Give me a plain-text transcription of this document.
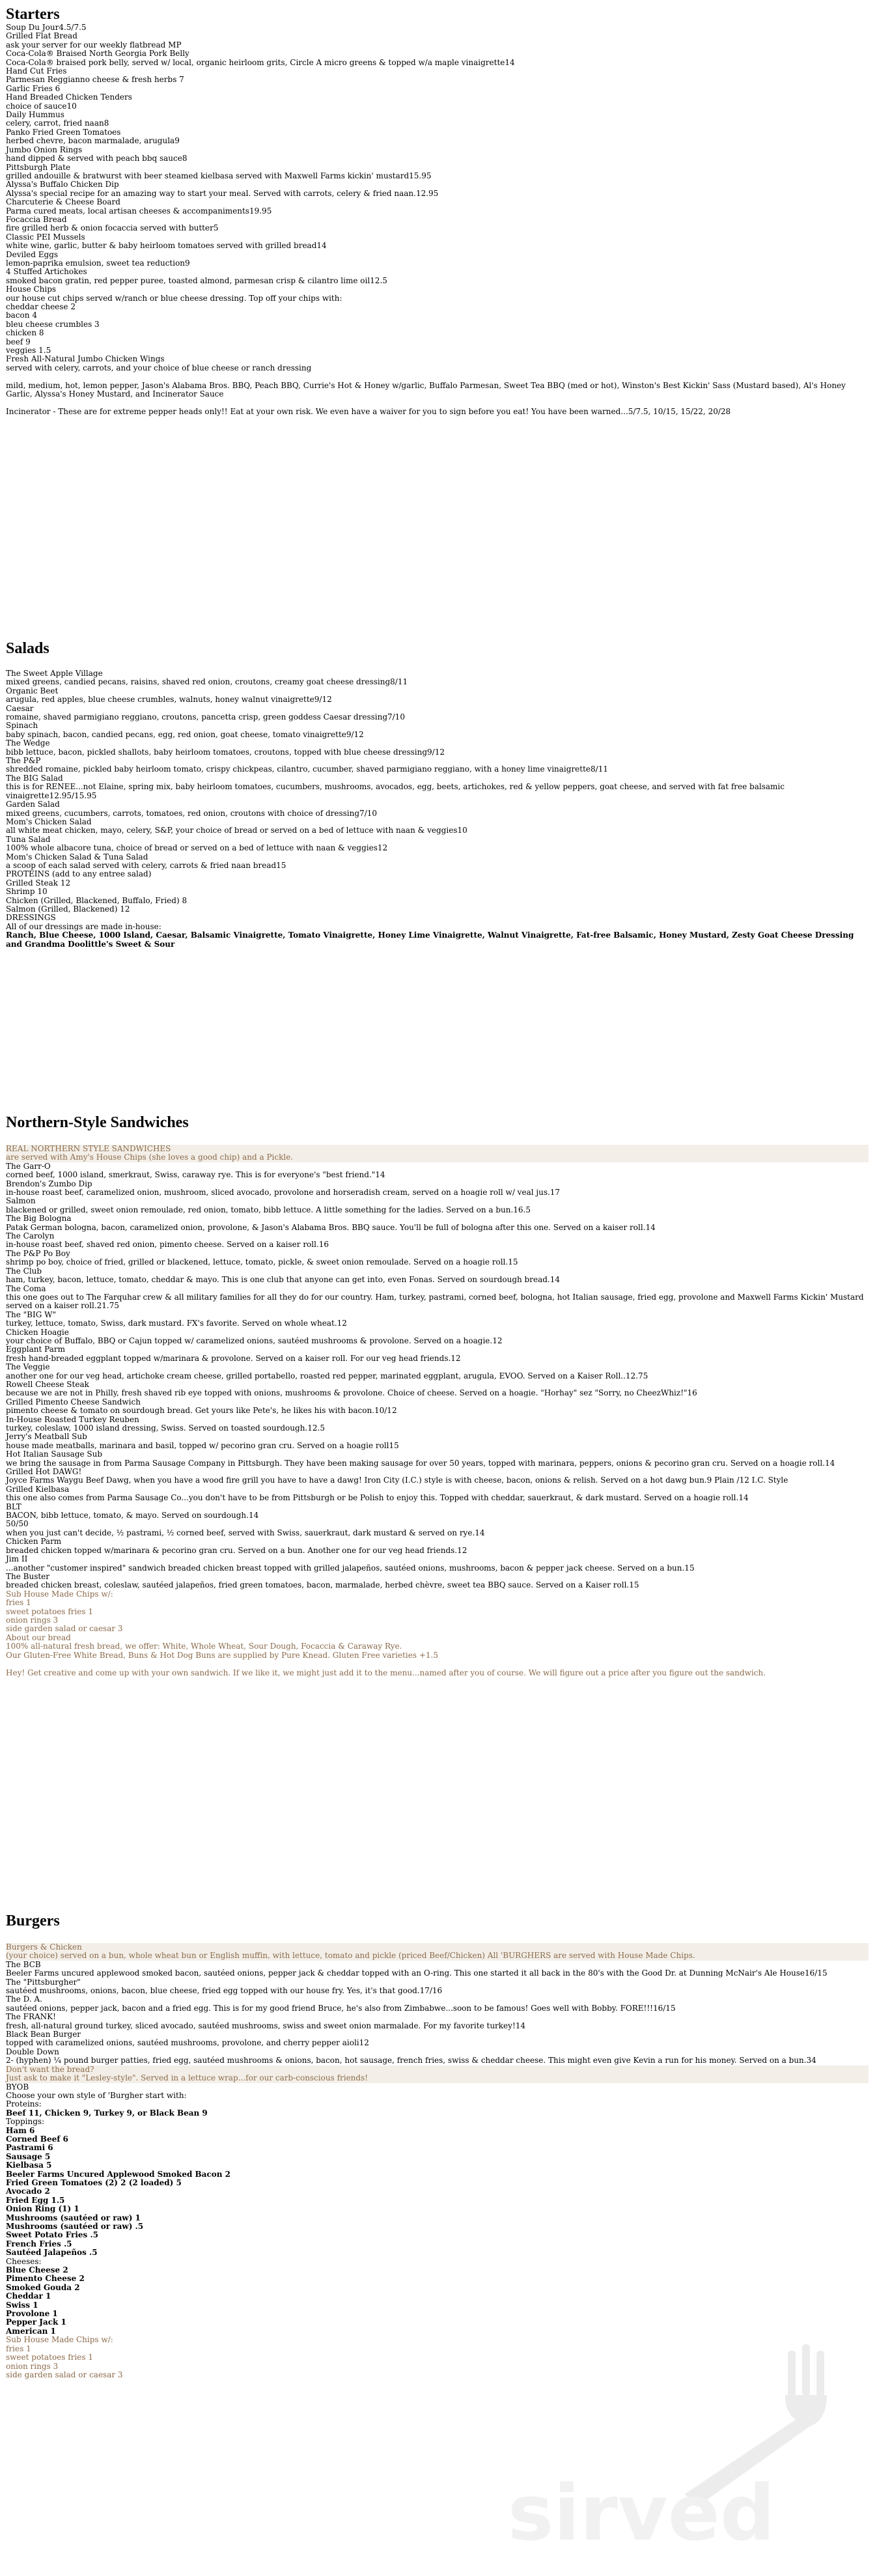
Starters
Soup Du Jour4.5/7.5
Grilled Flat Bread
ask your server for our weekly flatbread MP
Coca-Cola® Braised North Georgia Pork Belly
Coca-Cola® braised pork belly, served w/ local, organic heirloom grits, Circle A micro greens & topped w/a maple vinaigrette14
Hand Cut Fries
Parmesan Reggianno cheese & fresh herbs 7
Garlic Fries 6
Hand Breaded Chicken Tenders
choice of sauce10
Daily Hummus
celery, carrot, fried naan8
Panko Fried Green Tomatoes
herbed chevre, bacon marmalade, arugula9
Jumbo Onion Rings
hand dipped & served with peach bbq sauce8
Pittsburgh Plate
grilled andouille & bratwurst with beer steamed kielbasa served with Maxwell Farms kickin' mustard15.95
Alyssa's Buffalo Chicken Dip
Alyssa's special recipe for an amazing way to start your meal. Served with carrots, celery & fried naan.12.95
Charcuterie & Cheese Board
Parma cured meats, local artisan cheeses & accompaniments19.95
Focaccia Bread
fire grilled herb & onion focaccia served with butter5
Classic PEI Mussels
white wine, garlic, butter & baby heirloom tomatoes served with grilled bread14
Deviled Eggs
lemon-paprika emulsion, sweet tea reduction9
4 Stuffed Artichokes
smoked bacon gratin, red pepper puree, toasted almond, parmesan crisp & cilantro lime oil12.5
House Chips
our house cut chips served w/ranch or blue cheese dressing. Top off your chips with:
cheddar cheese 2
bacon 4
bleu cheese crumbles 3
chicken 8
beef 9
veggies 1.5
Fresh All-Natural Jumbo Chicken Wings
served with celery, carrots, and your choice of blue cheese or ranch dressing

mild, medium, hot, lemon pepper, Jason's Alabama Bros. BBQ, Peach BBQ, Currie's Hot & Honey w/garlic, Buffalo Parmesan, Sweet Tea BBQ (med or hot), Winston's Best Kickin' Sass (Mustard based), Al's Honey Garlic, Alyssa's Honey Mustard, and Incinerator Sauce

Incinerator - These are for extreme pepper heads only!! Eat at your own risk. We even have a waiver for you to sign before you eat! You have been warned...5/7.5, 10/15, 15/22, 20/28
Salads
The Sweet Apple Village
mixed greens, candied pecans, raisins, shaved red onion, croutons, creamy goat cheese dressing8/11
Organic Beet
arugula, red apples, blue cheese crumbles, walnuts, honey walnut vinaigrette9/12
Caesar
romaine, shaved parmigiano reggiano, croutons, pancetta crisp, green goddess Caesar dressing7/10
Spinach
baby spinach, bacon, candied pecans, egg, red onion, goat cheese, tomato vinaigrette9/12
The Wedge
bibb lettuce, bacon, pickled shallots, baby heirloom tomatoes, croutons, topped with blue cheese dressing9/12
The P&P
shredded romaine, pickled baby heirloom tomato, crispy chickpeas, cilantro, cucumber, shaved parmigiano reggiano, with a honey lime vinaigrette8/11
The BIG Salad
this is for RENEE...not Elaine, spring mix, baby heirloom tomatoes, cucumbers, mushrooms, avocados, egg, beets, artichokes, red & yellow peppers, goat cheese, and served with fat free balsamic vinaigrette12.95/15.95
Garden Salad
mixed greens, cucumbers, carrots, tomatoes, red onion, croutons with choice of dressing7/10
Mom's Chicken Salad
all white meat chicken, mayo, celery, S&P, your choice of bread or served on a bed of lettuce with naan & veggies10
Tuna Salad
100% whole albacore tuna, choice of bread or served on a bed of lettuce with naan & veggies12
Mom's Chicken Salad & Tuna Salad
a scoop of each salad served with celery, carrots & fried naan bread15
PROTEINS (add to any entree salad)
Grilled Steak 12
Shrimp 10
Chicken (Grilled, Blackened, Buffalo, Fried) 8
Salmon (Grilled, Blackened) 12
DRESSINGS
All of our dressings are made in-house:
Ranch, Blue Cheese, 1000 Island, Caesar, Balsamic Vinaigrette, Tomato Vinaigrette, Honey Lime Vinaigrette, Walnut Vinaigrette, Fat-free Balsamic, Honey Mustard, Zesty Goat Cheese Dressing and Grandma Doolittle's Sweet & Sour
Northern-Style Sandwiches
REAL NORTHERN STYLE SANDWICHES
are served with Amy's House Chips (she loves a good chip) and a Pickle.
The Garr-O
corned beef, 1000 island, smerkraut, Swiss, caraway rye. This is for everyone's "best friend."14
Brendon's Zumbo Dip
in-house roast beef, caramelized onion, mushroom, sliced avocado, provolone and horseradish cream, served on a hoagie roll w/ veal jus.17
Salmon
blackened or grilled, sweet onion remoulade, red onion, tomato, bibb lettuce. A little something for the ladies. Served on a bun.16.5
The Big Bologna
Patak German bologna, bacon, caramelized onion, provolone, & Jason's Alabama Bros. BBQ sauce. You'll be full of bologna after this one. Served on a kaiser roll.14
The Carolyn
in-house roast beef, shaved red onion, pimento cheese. Served on a kaiser roll.16
The P&P Po Boy
shrimp po boy, choice of fried, grilled or blackened, lettuce, tomato, pickle, & sweet onion remoulade. Served on a hoagie roll.15
The Club
ham, turkey, bacon, lettuce, tomato, cheddar & mayo. This is one club that anyone can get into, even Fonas. Served on sourdough bread.14
The Coma
this one goes out to The Farquhar crew & all military families for all they do for our country. Ham, turkey, pastrami, corned beef, bologna, hot Italian sausage, fried egg, provolone and Maxwell Farms Kickin' Mustard served on a kaiser roll.21.75
The "BIG W"
turkey, lettuce, tomato, Swiss, dark mustard. FX's favorite. Served on whole wheat.12
Chicken Hoagie
your choice of Buffalo, BBQ or Cajun topped w/ caramelized onions, sautéed mushrooms & provolone. Served on a hoagie.12
Eggplant Parm
fresh hand-breaded eggplant topped w/marinara & provolone. Served on a kaiser roll. For our veg head friends.12
The Veggie
another one for our veg head, artichoke cream cheese, grilled portabello, roasted red pepper, marinated eggplant, arugula, EVOO. Served on a Kaiser Roll..12.75
Rowell Cheese Steak
because we are not in Philly, fresh shaved rib eye topped with onions, mushrooms & provolone. Choice of cheese. Served on a hoagie. "Horhay" sez "Sorry, no CheezWhiz!"16
Grilled Pimento Cheese Sandwich
pimento cheese & tomato on sourdough bread. Get yours like Pete's, he likes his with bacon.10/12
In-House Roasted Turkey Reuben
turkey, coleslaw, 1000 island dressing, Swiss. Served on toasted sourdough.12.5
Jerry's Meatball Sub
house made meatballs, marinara and basil, topped w/ pecorino gran cru. Served on a hoagie roll15
Hot Italian Sausage Sub
we bring the sausage in from Parma Sausage Company in Pittsburgh. They have been making sausage for over 50 years, topped with marinara, peppers, onions & pecorino gran cru. Served on a hoagie roll.14
Grilled Hot DAWG!
Joyce Farms Waygu Beef Dawg, when you have a wood fire grill you have to have a dawg! Iron City (I.C.) style is with cheese, bacon, onions & relish. Served on a hot dawg bun.9 Plain /12 I.C. Style
Grilled Kielbasa
this one also comes from Parma Sausage Co...you don't have to be from Pittsburgh or be Polish to enjoy this. Topped with cheddar, sauerkraut, & dark mustard. Served on a hoagie roll.14
BLT
BACON, bibb lettuce, tomato, & mayo. Served on sourdough.14
50/50
when you just can't decide, ½ pastrami, ½ corned beef, served with Swiss, sauerkraut, dark mustard & served on rye.14
Chicken Parm
breaded chicken topped w/marinara & pecorino gran cru. Served on a bun. Another one for our veg head friends.12
Jim II
...another "customer inspired" sandwich breaded chicken breast topped with grilled jalapeños, sautéed onions, mushrooms, bacon & pepper jack cheese. Served on a bun.15
The Buster
breaded chicken breast, coleslaw, sautéed jalapeños, fried green tomatoes, bacon, marmalade, herbed chèvre, sweet tea BBQ sauce. Served on a Kaiser roll.15
Sub House Made Chips w/:
fries 1
sweet potatoes fries 1
onion rings 3
side garden salad or caesar 3
About our bread
100% all-natural fresh bread, we offer: White, Whole Wheat, Sour Dough, Focaccia & Caraway Rye.
Our Gluten-Free White Bread, Buns & Hot Dog Buns are supplied by Pure Knead. Gluten Free varieties +1.5
Hey! Get creative and come up with your own sandwich. If we like it, we might just add it to the menu...named after you of course. We will figure out a price after you figure out the sandwich.
Burgers
Burgers & Chicken
(your choice) served on a bun, whole wheat bun or English muffin, with lettuce, tomato and pickle (priced Beef/Chicken) All 'BURGHERS are served with House Made Chips.
The BCB
Beeler Farms uncured applewood smoked bacon, sautéed onions, pepper jack & cheddar topped with an O-ring. This one started it all back in the 80's with the Good Dr. at Dunning McNair's Ale House16/15
The "Pittsburgher"
sautéed mushrooms, onions, bacon, blue cheese, fried egg topped with our house fry. Yes, it's that good.17/16
The D. A.
sautéed onions, pepper jack, bacon and a fried egg. This is for my good friend Bruce, he's also from Zimbabwe...soon to be famous! Goes well with Bobby. FORE!!!16/15
The FRANK!
fresh, all-natural ground turkey, sliced avocado, sautéed mushrooms, swiss and sweet onion marmalade. For my favorite turkey!14
Black Bean Burger
topped with caramelized onions, sautéed mushrooms, provolone, and cherry pepper aioli12
Double Down
2- (hyphen) ¼ pound burger patties, fried egg, sautéed mushrooms & onions, bacon, hot sausage, french fries, swiss & cheddar cheese. This might even give Kevin a run for his money. Served on a bun.34
Don't want the bread?
Just ask to make it "Lesley-style". Served in a lettuce wrap...for our carb-conscious friends!
BYOB
Choose your own style of 'Burgher start with:
Proteins:
Beef 11, Chicken 9, Turkey 9, or Black Bean 9
Toppings:
Ham 6
Corned Beef 6
Pastrami 6
Sausage 5
Kielbasa 5
Beeler Farms Uncured Applewood Smoked Bacon 2
Fried Green Tomatoes (2) 2 (2 loaded) 5
Avocado 2
Fried Egg 1.5
Onion Ring (1) 1
Mushrooms (sautéed or raw) 1
Mushrooms (sautéed or raw) .5
Sweet Potato Fries .5
French Fries .5
Sautéed Jalapeños .5
Cheeses:
Blue Cheese 2
Pimento Cheese 2
Smoked Gouda 2
Cheddar 1
Swiss 1
Provolone 1
Pepper Jack 1
American 1
Sub House Made Chips w/:
fries 1
sweet potatoes fries 1
onion rings 3
side garden salad or caesar 3
sirved
